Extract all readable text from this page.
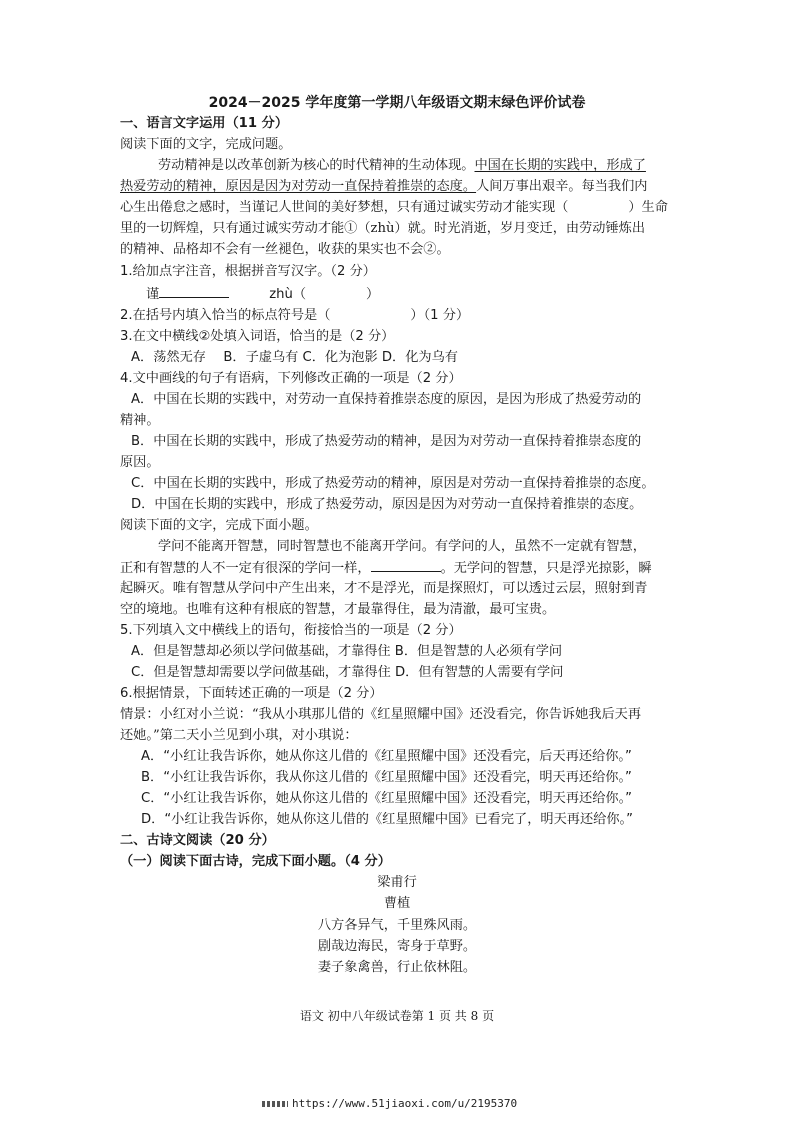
2024－2025 学年度第一学期八年级语文期末绿色评价试卷
一、语言文字运用（11 分）
阅读下面的文字，完成问题。
劳动精神是以改革创新为核心的时代精神的生动体现。中国在长期的实践中，形成了
热爱劳动的精神，原因是因为对劳动一直保持着推崇的态度。人间万事出艰辛。每当我们内
心生出倦怠之感时，当谨记人世间的美好梦想，只有通过诚实劳动才能实现（	）生命
里的一切辉煌，只有通过诚实劳动才能①（zhù）就。时光消逝，岁月变迁，由劳动锤炼出
的精神、品格却不会有一丝褪色，收获的果实也不会②。
1.给加点字注音，根据拼音写汉字。（2 分）
谨	zhù（	）
2.在括号内填入恰当的标点符号是（	）（1 分）
3.在文中横线②处填入词语，恰当的是（2 分）
A．荡然无存　 B．子虚乌有 C．化为泡影 D．化为乌有
4.文中画线的句子有语病，下列修改正确的一项是（2 分）
A．中国在长期的实践中，对劳动一直保持着推崇态度的原因，是因为形成了热爱劳动的
精神。
B．中国在长期的实践中，形成了热爱劳动的精神，是因为对劳动一直保持着推崇态度的
原因。
C．中国在长期的实践中，形成了热爱劳动的精神，原因是对劳动一直保持着推崇的态度。
D．中国在长期的实践中，形成了热爱劳动，原因是因为对劳动一直保持着推崇的态度。
阅读下面的文字，完成下面小题。
学问不能离开智慧，同时智慧也不能离开学问。有学问的人，虽然不一定就有智慧，
正和有智慧的人不一定有很深的学问一样，	。无学问的智慧，只是浮光掠影，瞬
起瞬灭。唯有智慧从学问中产生出来，才不是浮光，而是探照灯，可以透过云层，照射到青
空的境地。也唯有这种有根底的智慧，才最靠得住，最为清澈，最可宝贵。
5.下列填入文中横线上的语句，衔接恰当的一项是（2 分）
A．但是智慧却必须以学问做基础，才靠得住 B．但是智慧的人必须有学问
C．但是智慧却需要以学问做基础，才靠得住 D．但有智慧的人需要有学问
6.根据情景，下面转述正确的一项是（2 分）
情景：小红对小兰说：“我从小琪那儿借的《红星照耀中国》还没看完，你告诉她我后天再
还她。”第二天小兰见到小琪，对小琪说：
A．“小红让我告诉你，她从你这儿借的《红星照耀中国》还没看完，后天再还给你。”
B．“小红让我告诉你，我从你这儿借的《红星照耀中国》还没看完，明天再还给你。”
C．“小红让我告诉你，她从你这儿借的《红星照耀中国》还没看完，明天再还给你。”
D．“小红让我告诉你，她从你这儿借的《红星照耀中国》已看完了，明天再还给你。”
二、古诗文阅读（20 分）
（一）阅读下面古诗，完成下面小题。（4 分）
梁甫行
曹植
八方各异气，千里殊风雨。
剧哉边海民，寄身于草野。
妻子象禽兽，行止依林阻。
语文 初中八年级试卷第 1 页 共 8 页
https://www.51jiaoxi.com/u/2195370
